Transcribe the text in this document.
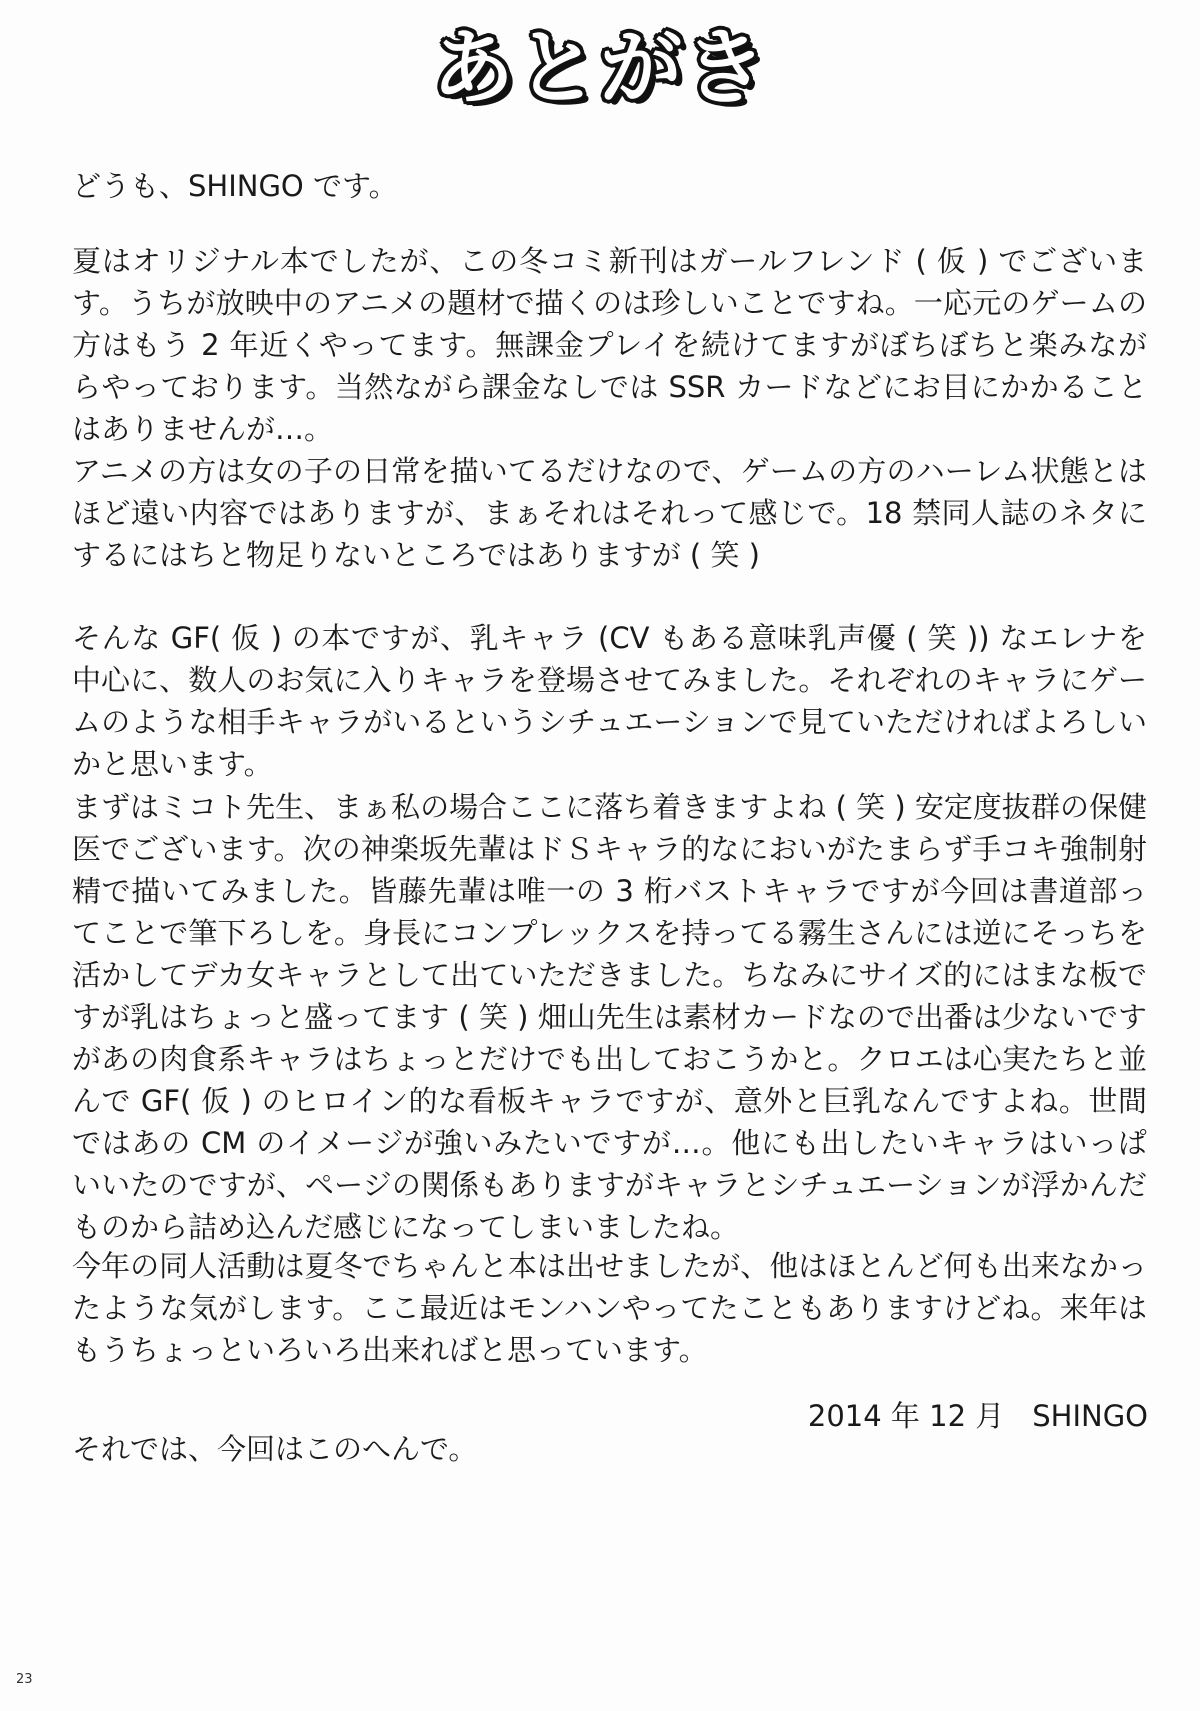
あとがき

どうも、SHINGO です。

夏はオリジナル本でしたが、この冬コミ新刊はガールフレンド ( 仮 ) でございます。うちが放映中のアニメの題材で描くのは珍しいことですね。一応元のゲームの方はもう 2 年近くやってます。無課金プレイを続けてますがぼちぼちと楽みながらやっております。当然ながら課金なしでは SSR カードなどにお目にかかることはありませんが…。

アニメの方は女の子の日常を描いてるだけなので、ゲームの方のハーレム状態とはほど遠い内容ではありますが、まぁそれはそれって感じで。18 禁同人誌のネタにするにはちと物足りないところではありますが ( 笑 )

そんな GF( 仮 ) の本ですが、乳キャラ (CV もある意味乳声優 ( 笑 )) なエレナを中心に、数人のお気に入りキャラを登場させてみました。それぞれのキャラにゲームのような相手キャラがいるというシチュエーションで見ていただければよろしいかと思います。

まずはミコト先生、まぁ私の場合ここに落ち着きますよね ( 笑 ) 安定度抜群の保健医でございます。次の神楽坂先輩はドＳキャラ的なにおいがたまらず手コキ強制射精で描いてみました。皆藤先輩は唯一の 3 桁バストキャラですが今回は書道部ってことで筆下ろしを。身長にコンプレックスを持ってる霧生さんには逆にそっちを活かしてデカ女キャラとして出ていただきました。ちなみにサイズ的にはまな板ですが乳はちょっと盛ってます ( 笑 ) 畑山先生は素材カードなので出番は少ないですがあの肉食系キャラはちょっとだけでも出しておこうかと。クロエは心実たちと並んで GF( 仮 ) のヒロイン的な看板キャラですが、意外と巨乳なんですよね。世間ではあの CM のイメージが強いみたいですが…。他にも出したいキャラはいっぱいいたのですが、ページの関係もありますがキャラとシチュエーションが浮かんだものから詰め込んだ感じになってしまいましたね。

今年の同人活動は夏冬でちゃんと本は出せましたが、他はほとんど何も出来なかったような気がします。ここ最近はモンハンやってたこともありますけどね。来年はもうちょっといろいろ出来ればと思っています。

それでは、今回はこのへんで。

2014 年 12 月 SHINGO
23
